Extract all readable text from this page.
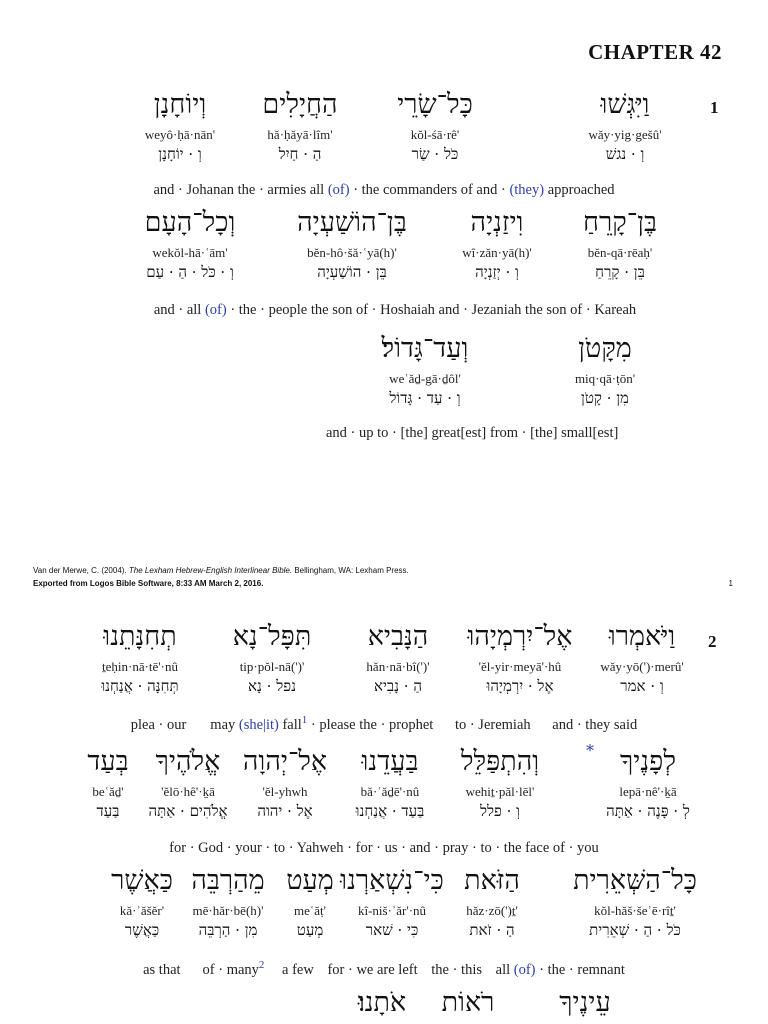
CHAPTER 42
1
וַיִּגְּשׁוּ
wǎy·yig·gešû'
וְ · נגשׁ
כָּל־שָׂרֵי
kŏl-śā·rê'
כֹּל · שַׂר
הַחֲיָלִים
hǎ·ḥǎyā·lîm'
הַ · חַיִל
וְיוֹחָנָן
weyô·ḥā·nān'
וְ · יוֹחָנָן
and · Johanan the · armies all (of) · the commanders of and · (they) approached
בֶּן־קָרֵחַ
bĕn-qā·rēaḥ'
בֵּן · קָרֵחַ
וִיזַנְיָה
wî·zǎn·yā(h)'
וְ · יְזַנְיָה
בֶּן־הוֹשַׁעְיָה
bĕn-hô·šǎ·ʿyā(h)'
בֵּן · הוֹשַׁעְיָה
וְכָל־הָעָם
wekŏl-hā·ʿām'
וְ · כֹּל · הַ · עַם
and · all (of) · the · people the son of · Hoshaiah and · Jezaniah the son of · Kareah
מִקָּטֹן
miq·qā·ṭōn'
מִן · קָטֹן
וְעַד־גָּדוֹל׃
weʿǎḏ-gā·ḏôl'
וְ · עַד · גָּדוֹל
and · up to · [the] great[est] from · [the] small[est]
Van der Merwe, C. (2004). The Lexham Hebrew-English Interlinear Bible. Bellingham, WA: Lexham Press.
Exported from Logos Bible Software, 8:33 AM March 2, 2016.	1
2
וַיֹּאמְרוּ
wǎy·yō(')·merû'
וְ · אמר
אֶל־יִרְמְיָהוּ
'ĕl-yir·meyā'·hû
אֶל · יִרְמְיָהוּ
הַנָּבִיא
hǎn·nā·bî(')'
הַ · נָבִיא
תִּפָּל־נָא
tip·pŏl-nā(')'
נפל · נָא
תְחִנָּתֵנוּ
ṯeḥin·nā·tē'·nû
תְּחִנָּה · אֲנַחְנוּ
plea · our may (she|it) fall$^1$ · please the · prophet to · Jeremiah and · they said
לְפָנֶיךָ
lepā·nê'·ḵā
לְ · פָּנֶה · אַתָּה
*
וְהִתְפַּלֵּל
wehiṯ·pǎl·lēl'
וְ · פלל
בַּעֲדֵנוּ
bǎ·ʿǎḏē'·nû
בַּעַד · אֲנַחְנוּ
אֶל־יְהוָה
'ĕl-yhwh
אֶל · יהוה
אֱלֹהֶיךָ
'ĕlō·hê'·ḵā
אֱלֹהִים · אַתָּה
בְּעַד
beʿǎḏ'
בַּעַד
for · God · your · to · Yahweh · for · us · and · pray · to · the face of · you
כָּל־הַשְּׁאֵרִית
kŏl-hǎš·šeʾē·rîṯ'
כֹּל · הַ · שְׁאֵרִית
הַזֹּאת
hǎz·zō(')ṯ'
הַ · זֹאת
כִּי־נִשְׁאַרְנוּ
kî-niš·ʾǎr'·nû
כִּי · שׁאר
מְעַט
meʿǎṭ'
מְעַט
מֵהַרְבֵּה
mē·hǎr·bē(h)'
מִן · הַרְבֵּה
כַּאֲשֶׁר
kǎ·ʾǎšĕr'
כַּאֲשֶׁר
as that of · many$^2$ a few for · we are left the · this all (of) · the · remnant
עֵינֶיךָ
רֹאוֹת
אֹתָנוּ׃
